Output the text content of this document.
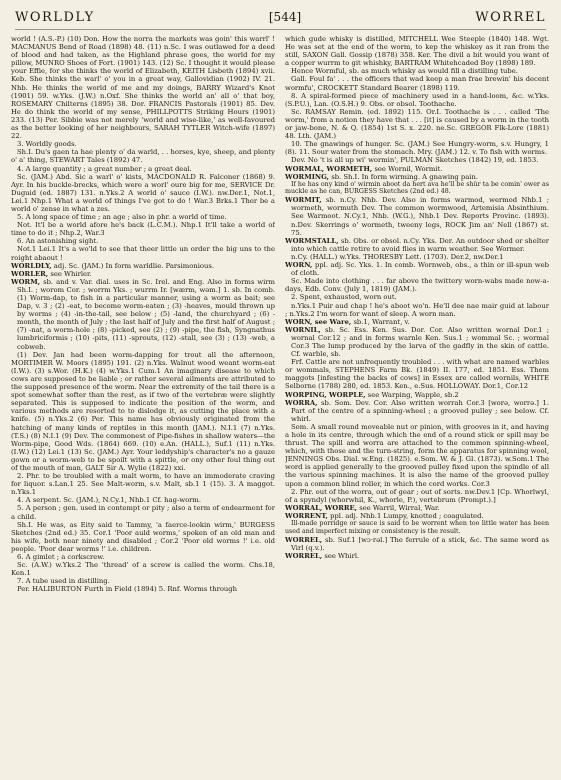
WORLDLY	[544]	WORREL

world ! (A.S.-P.) (10) Don. How the norra the markets was goin' this warrl' ! MACMANUS Bend of Road (1898) 48. (11) n.Sc. I was outlawed for a deed of blood and had taken, as the Highland phrase goes, the world for my pillow, MUNRO Shoes of Fort. (1901) 143. (12) Sc. I thought it would please your Effie, for she thinks the world of Elizabeth, KEITH Lisbeth (1894) xvii. Keb. She thinks the warl' o' you in a great way, Gallovidian (1902) IV. 21. Nhb. He thinks the world of me and my doings, BARRY Wizard's Knot (1901) 59. w.Yks. (J.W.) n.Oxf. She thinks the world an' all o' that boy, ROSEMARY Chilterns (1895) 38. Dor. FRANCIS Pastorals (1901) 85. Dev. He do think the world of my sense, PHILLPOTTS Striking Hours (1901) 233. (13) Per. Sibbie was not merely 'world and wise-like,' as well-favoured as the better looking of her neighbours, SARAH TYTLER Witch-wife (1897) 22.

3. Worldly goods.

Sh.I. Du's gaen ta hae plenty o' da warld, . . horses, kye, sheep, and plenty o' a' thing, STEWART Tales (1892) 47.

4. A large quantity ; a great number ; a great deal.

Sc. (JAM.) Abd. Sic a warl' o' kists, MACDONALD R. Falconer (1868) 9. Ayr. In his buckle-brecks, which were a worl' oure big for me, SERVICE Dr. Duguid (ed. 1887) 131. n.Yks.2 A world o' sauce (I.W.). nw.Der.1, Not.1, Lei.1 Nhp.1 What a world of things I've got to do ! War.3 Brks.1 Ther be a world o' zense in what a zes.

5. A long space of time ; an age ; also in phr. a world of time.

Not. It'l be a world afore he's back (L.C.M.). Nhp.1 It'll take a world of time to do it ; Nhp.2, War.3

6. An astonishing sight.

Not.1 Lei.1 It's a wo'ld to see that theer little un order the big uns to the roight abaout !

WORLDLY, adj. Sc. (JAM.) In form warldlie. Parsimonious.

WORLER, see Whirler.

WORM, sb. and v. Var. dial. uses in Sc. Irel. and Eng. Also in forms wirm Sh.I. ; worom Cor. ; worrm Yks. ; wurrm Ir. [wærm, wəm.] 1. sb. In comb. (1) Worm-dap, to fish in a particular manner, using a worm as bait; see Dap, v. 3 ; (2) -eat, to become worm-eaten ; (3) -heaves, mould thrown up by worms ; (4) -in-the-tail, see below ; (5) -land, the churchyard ; (6) -month, the month of July ; the last half of July and the first half of August ; (7) -nat, a worm-hole ; (8) -picked, see (2) ; (9) -pipe, the fish, Syngnathus lumbriciformis ; (10) -pits, (11) -sprouts, (12) -stall, see (3) ; (13) -web, a cobweb.

(1) Dev. Jan had been worm-dapping for trout all the afternoon, MORTIMER W. Moors (1895) 191. (2) n.Yks. Walnut wood weant worm-eat (I.W.). (3) s.Wor. (H.K.) (4) w.Yks.1 Cum.1 An imaginary disease to which cows are supposed to be liable ; or rather several ailments are attributed to the supposed presence of the worm. Near the extremity of the tail there is a spot somewhat softer than the rest, as if two of the vertebræ were slightly separated. This is supposed to indicate the position of the worm, and various methods are resorted to to dislodge it, as cutting the place with a knife. (5) n.Yks.2 (6) Per. This name has obviously originated from the hatching of many kinds of reptiles in this month (JAM.). N.I.1 (7) n.Yks. (T.S.) (8) N.I.1 (9) Dev. The commonest of Pipe-fishes in shallow waters—the Worm-pipe, Good Wds. (1864) 669. (10) e.An. (HALL.), Suf.1 (11) n.Yks. (I.W.) (12) Lei.1 (13) Sc. (JAM.) Ayr. Your leddyship's character's no a gauze gown or a worm-web to be spoilt with a spittle, or ony other foul thing out of the mouth of man, GALT Sir A. Wylie (1822) xxi.

2. Phr. to be troubled with a malt worm, to have an immoderate craving for liquor. s.Lan.1 25. See Malt-worm, s.v. Malt, sb.1 1 (15). 3. A maggot. n.Yks.1

4. A serpent. Sc. (JAM.), N.Cy.1, Nhb.1 Cf. hag-worm.

5. A person ; gen. used in contempt or pity ; also a term of endearment for a child.

Sh.I. He was, as Eity said to Tammy, 'a faerce-lookin wirm,' BURGESS Sketches (2nd ed.) 35. Cor.1 'Poor auld worms,' spoken of an old man and his wife, both near ninety and disabled ; Cor.2 'Poor old worms !' i.e. old people. 'Poor dear worms !' i.e. children.

6. A gimlet ; a corkscrew.

Sc. (A.W.) w.Yks.2 The 'thread' of a screw is called the worm. Chs.18, Ken.1

7. A tube used in distilling.

Per. HALIBURTON Furth in Field (1894) 5. Rnf. Worms through

which gude whisky is distilled, MITCHELL Wee Steeple (1840) 148. Wgt. He was set at the end of the worm, to kep the whiskey as it ran from the still, SAXON Gall. Gossip (1878) 358. Ker. The divil a bit would you want of a copper wurrm to git whishky, BARTRAM Whitehcaded Boy (1898) 189.

Hence Wormful, sb. as much whisky as would fill a distilling tube.

Gall. Foul fa' . . . the officers that wad keep a man frae brewin' his decent wormfu', CROCKETT Standard Bearer (1898) 119.

8. A spiral-formed piece of machinery used in a hand-loom, &c. w.Yks. (S.P.U.), Lan. (O.S.H.) 9. Obs. or obsol. Toothache.

Sc. RAMSAY Remin. (ed. 1892) 115. Or.I. Toothache is . . . called 'The worm,' from a notion they have that . . . [it] is caused by a worm in the tooth or jaw-bone, N. & Q. (1854) 1st S. x. 220. ne.Sc. GREGOR Flk-Lore (1881) 48. Lth. (JAM.)

10. The gnawings of hunger. Sc. (JAM.) See Hungry-worm, s.v. Hungry, 1 (8). 11. Sour water from the stomach. Mry. (JAM.) 12. v. To fish with worms.

Dev. No 't is all up wi' wormin', PULMAN Sketches (1842) 19, ed. 1853.

WORMAL, WORMETH, see Wornil, Wormit.

WORMING, sb. Sh.I. In form wirming. A gnawing pain.

If he has ony kind o' wirmin aboot da hert ava he'll be shür ta be comin' ower as muckle as he can, BURGESS Sketches (2nd ed.) 48.

WORMIT, sb. n.Cy. Nhb. Dev. Also in forms warmod, wermod Nhb.1 ; wormeth, wormuth Dev. The common wormwood, Artemisia Absinthium. See Warmoot. N.Cy.1, Nhb. (W.G.), Nhb.1 Dev. Reports Provinc. (1893). n.Dev. Skerrings o' wormeth, tweeny legs, ROCK Jim an' Nell (1867) st. 75.

WORMSTALL, sb. Obs. or obsol. n.Cy. Yks. Der. An outdoor shed or shelter into which cattle retire to avoid flies in warm weather. See Wormer.

n.Cy. (HALL.) w.Yks. THORESBY Lett. (1703). Der.2, nw.Der.1

WORN, ppl. adj. Sc. Yks. 1. In comb. Wornweb, obs., a thin or ill-spun web of cloth.

Sc. Made into clothing . . . far above the twittery worn-wabs made now-a-days, Edb. Conv. (July 1, 1819) (JAM.).

2. Spent, exhausted, worn out.

n.Yks.1 Puir aud chap ! he's aboot wo'n. He'll dee nae mair guid at labour ; n.Yks.2 I'm worn for want of sleep. A worn man.

WORN, see Ware, sb.1, Warrant, v.

WORNIL, sb. Sc. Ess. Ken. Sus. Dor. Cor. Also written wornal Dor.1 ; wornal Cor.12 ; and in forms warnle Ken. Sus.1 ; wommal Sc. ; wormal Cor.3 The lump produced by the larva of the gadfly in the skin of cattle. Cf. warble, sb.

Frf. Cattle are not unfrequently troubled . . . with what are named warbles or wommals, STEPHENS Farm Bk. (1849) II. 177, ed. 1851. Ess. Them maggots [infesting the backs of cows] in Essex are called wornils, WHITE Selborne (1788) 280, ed. 1853. Ken., e.Sus. HOLLOWAY. Dor.1, Cor.12

WORPING, WORPLE, see Warping, Wapple, sb.2

WORRA, sb. Som. Dev. Cor. Also written worrah Cor.3 [worə, worrə.] 1. Part of the centre of a spinning-wheel ; a grooved pulley ; see below. Cf. whirl.

Som. A small round moveable nut or pinion, with grooves in it, and having a hole in its centre, through which the end of a round stick or spill may be thrust. The spill and worra are attached to the common spinning-wheel, which, with those and the turn-string, form the apparatus for spinning wool, JENNINGS Obs. Dial. w.Eng. (1825). e.Som. W. & J. Gl. (1873). w.Som.1 The word is applied generally to the grooved pulley fixed upon the spindle of all the various spinning machines. It is also the name of the grooved pulley upon a common blind roller, in which the cord works. Cor.3

2. Phr. out of the worra, out of gear ; out of sorts. nw.Dev.1 [Cp. Whorlwyl, of a spyndyl (whorwhil, K., whorle, P.), vertebrum (Prompt.).]

WORRAL, WORRE, see Warril, Wirral, War.

WORRENT, ppl. adj. Nhb.1 Lumpy, knotted ; coagulated.

Ill-made porridge or sauce is said to be worrent when too little water has been used and imperfect mixing or consistency is the result.

WORREL, sb. Suf.1 [wɔ·rəl.] The ferrule of a stick, &c. The same word as Virl (q.v.).

WORREL, see Whirl.
